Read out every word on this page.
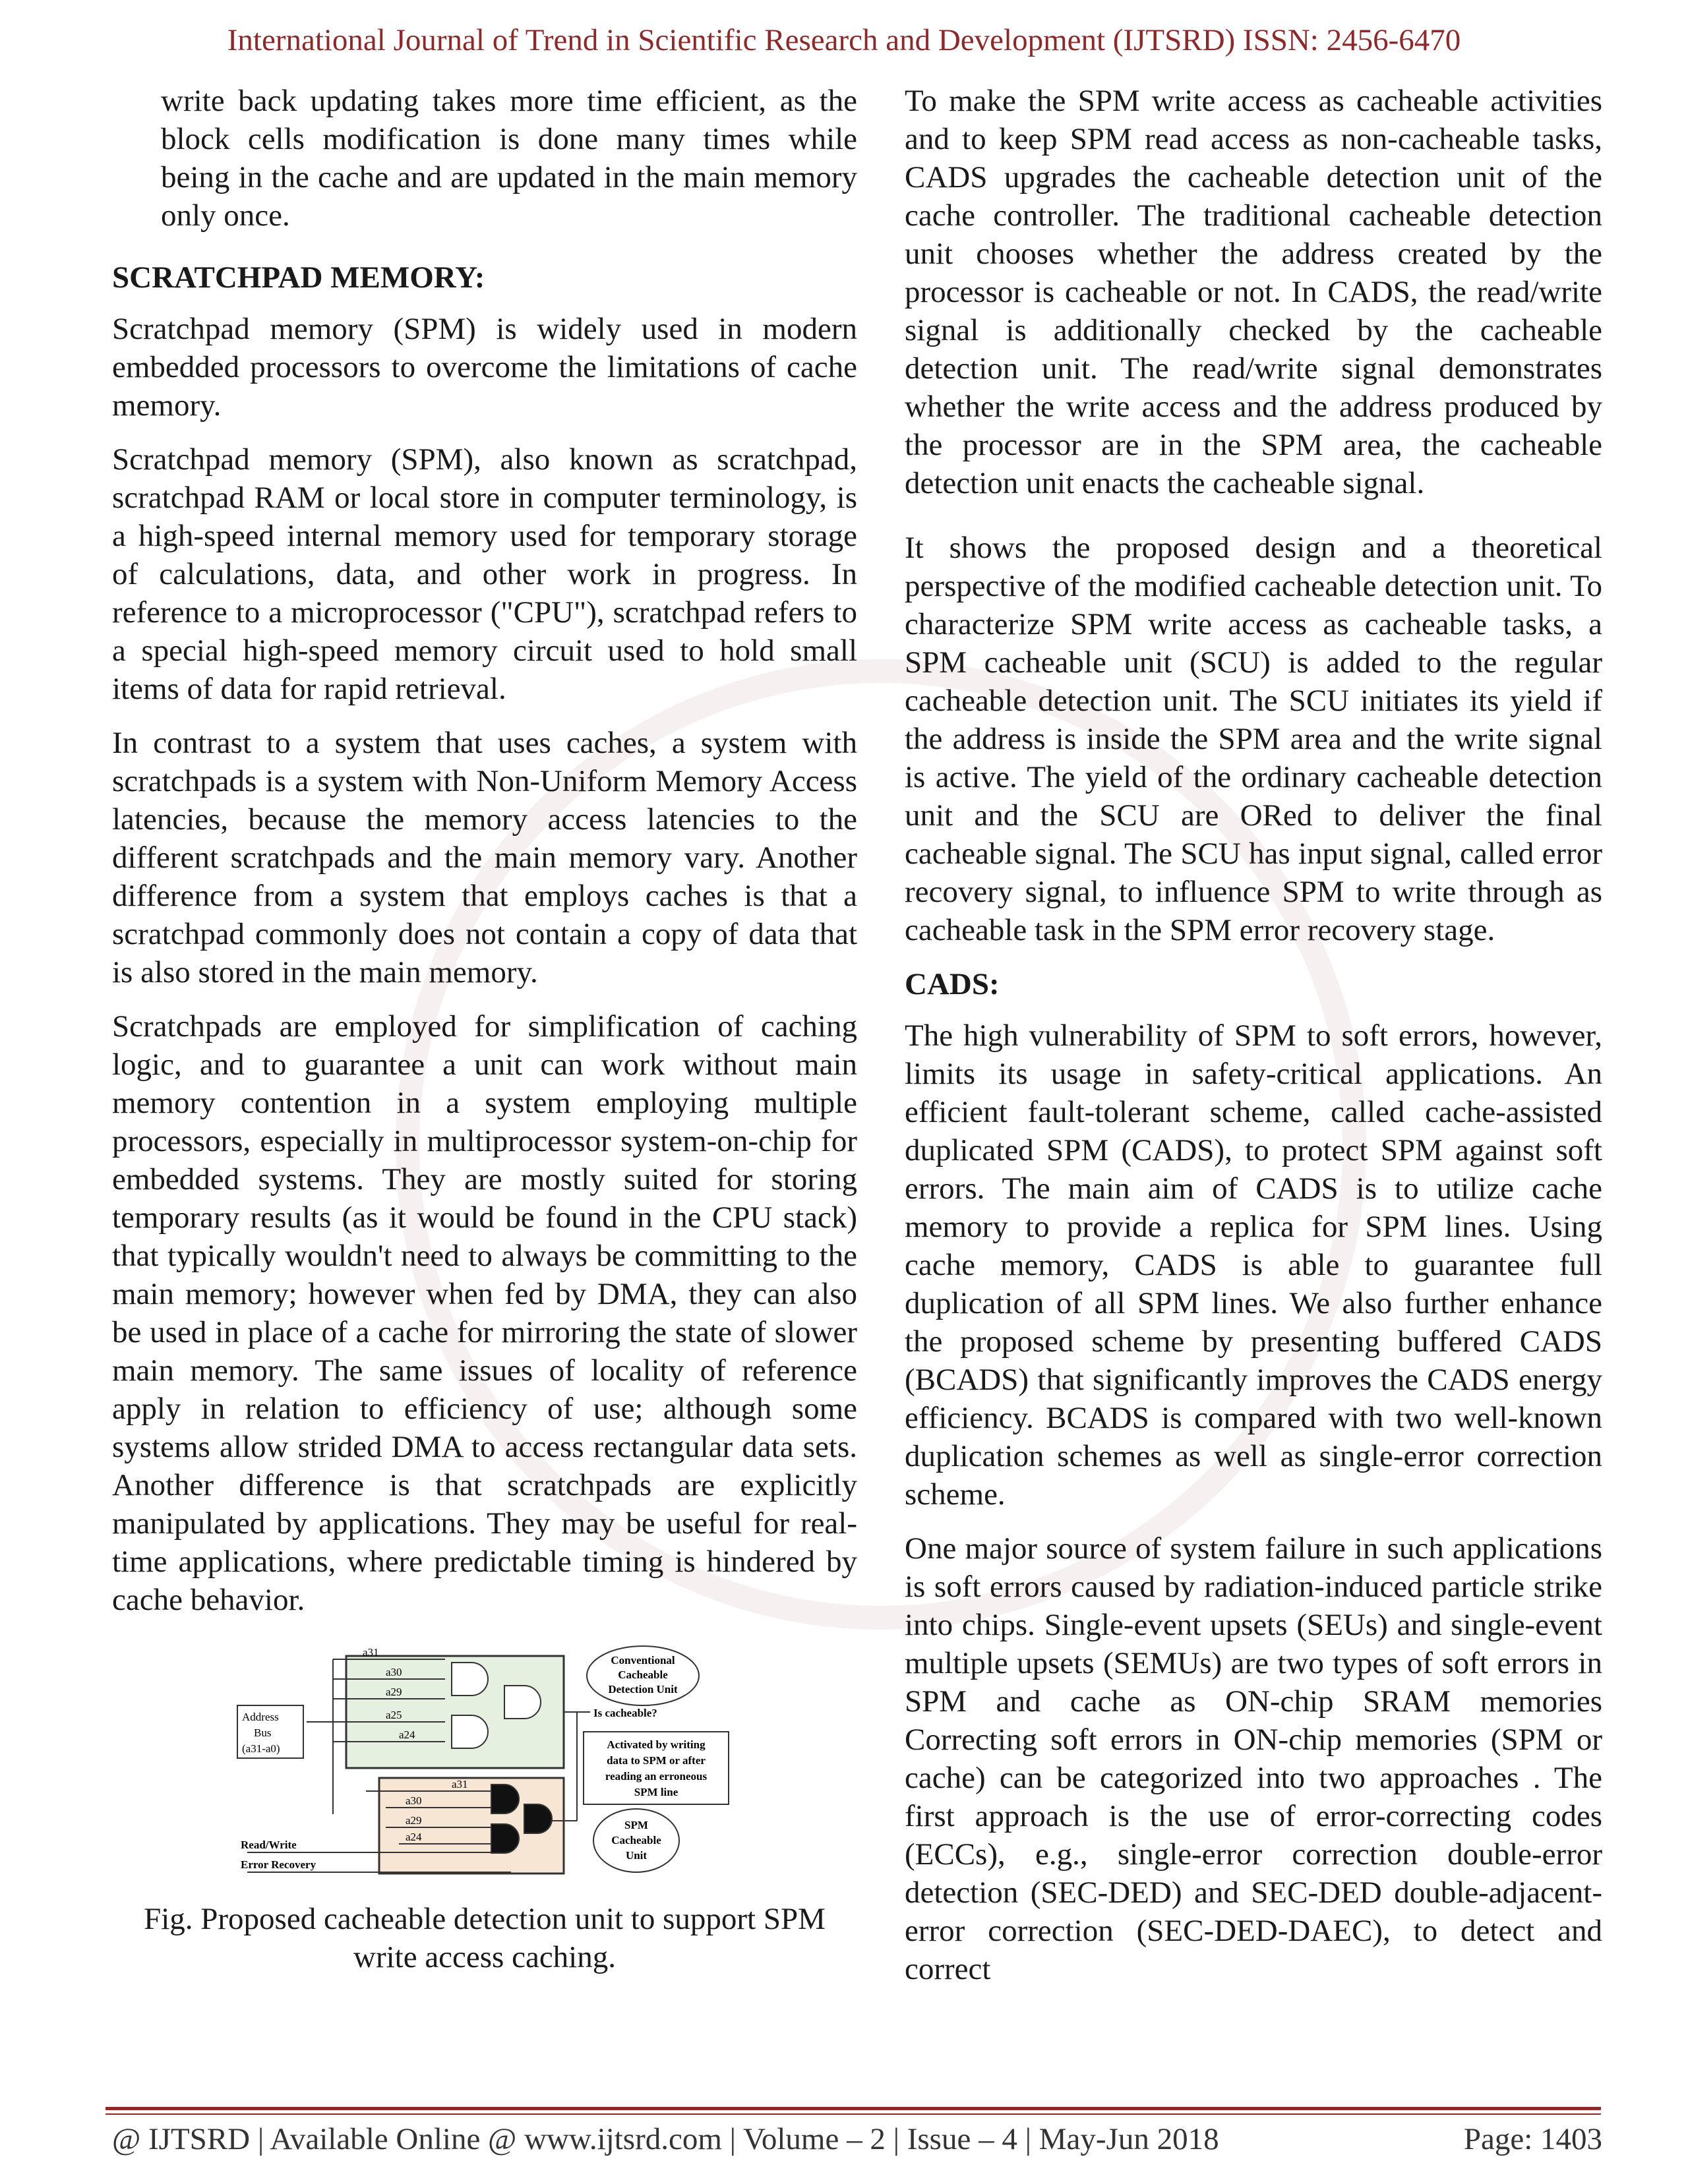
International Journal of Trend in Scientific Research and Development (IJTSRD) ISSN: 2456-6470

write back updating takes more time efficient, as the block cells modification is done many times while being in the cache and are updated in the main memory only once.

SCRATCHPAD MEMORY:

Scratchpad memory (SPM) is widely used in modern embedded processors to overcome the limitations of cache memory.

Scratchpad memory (SPM), also known as scratchpad, scratchpad RAM or local store in computer terminology, is a high-speed internal memory used for temporary storage of calculations, data, and other work in progress. In reference to a microprocessor ("CPU"), scratchpad refers to a special high-speed memory circuit used to hold small items of data for rapid retrieval.

In contrast to a system that uses caches, a system with scratchpads is a system with Non-Uniform Memory Access latencies, because the memory access latencies to the different scratchpads and the main memory vary. Another difference from a system that employs caches is that a scratchpad commonly does not contain a copy of data that is also stored in the main memory.

Scratchpads are employed for simplification of caching logic, and to guarantee a unit can work without main memory contention in a system employing multiple processors, especially in multiprocessor system-on-chip for embedded systems. They are mostly suited for storing temporary results (as it would be found in the CPU stack) that typically wouldn't need to always be committing to the main memory; however when fed by DMA, they can also be used in place of a cache for mirroring the state of slower main memory. The same issues of locality of reference apply in relation to efficiency of use; although some systems allow strided DMA to access rectangular data sets. Another difference is that scratchpads are explicitly manipulated by applications. They may be useful for real-time applications, where predictable timing is hindered by cache behavior.

Address
Bus
(a31-a0)
a31
a30
a29
a25
a24
a31
a30
a29
a24
Conventional
Cacheable
Detection Unit
Is cacheable?
Activated by writing
data to SPM or after
reading an erroneous
SPM line
SPM
Cacheable
Unit
Read/Write
Error Recovery
Fig. Proposed cacheable detection unit to support SPM write access caching.

To make the SPM write access as cacheable activities and to keep SPM read access as non-cacheable tasks, CADS upgrades the cacheable detection unit of the cache controller. The traditional cacheable detection unit chooses whether the address created by the processor is cacheable or not. In CADS, the read/write signal is additionally checked by the cacheable detection unit. The read/write signal demonstrates whether the write access and the address produced by the processor are in the SPM area, the cacheable detection unit enacts the cacheable signal.

It shows the proposed design and a theoretical perspective of the modified cacheable detection unit. To characterize SPM write access as cacheable tasks, a SPM cacheable unit (SCU) is added to the regular cacheable detection unit. The SCU initiates its yield if the address is inside the SPM area and the write signal is active. The yield of the ordinary cacheable detection unit and the SCU are ORed to deliver the final cacheable signal. The SCU has input signal, called error recovery signal, to influence SPM to write through as cacheable task in the SPM error recovery stage.

CADS:

The high vulnerability of SPM to soft errors, however, limits its usage in safety-critical applications. An efficient fault-tolerant scheme, called cache-assisted duplicated SPM (CADS), to protect SPM against soft errors. The main aim of CADS is to utilize cache memory to provide a replica for SPM lines. Using cache memory, CADS is able to guarantee full duplication of all SPM lines. We also further enhance the proposed scheme by presenting buffered CADS (BCADS) that significantly improves the CADS energy efficiency. BCADS is compared with two well-known duplication schemes as well as single-error correction scheme.

One major source of system failure in such applications is soft errors caused by radiation-induced particle strike into chips. Single-event upsets (SEUs) and single-event multiple upsets (SEMUs) are two types of soft errors in SPM and cache as ON-chip SRAM memories Correcting soft errors in ON-chip memories (SPM or cache) can be categorized into two approaches . The first approach is the use of error-correcting codes (ECCs), e.g., single-error correction double-error detection (SEC-DED) and SEC-DED double-adjacent-error correction (SEC-DED-DAEC), to detect and correct

@ IJTSRD | Available Online @ www.ijtsrd.com | Volume – 2 | Issue – 4 | May-Jun 2018	Page: 1403
